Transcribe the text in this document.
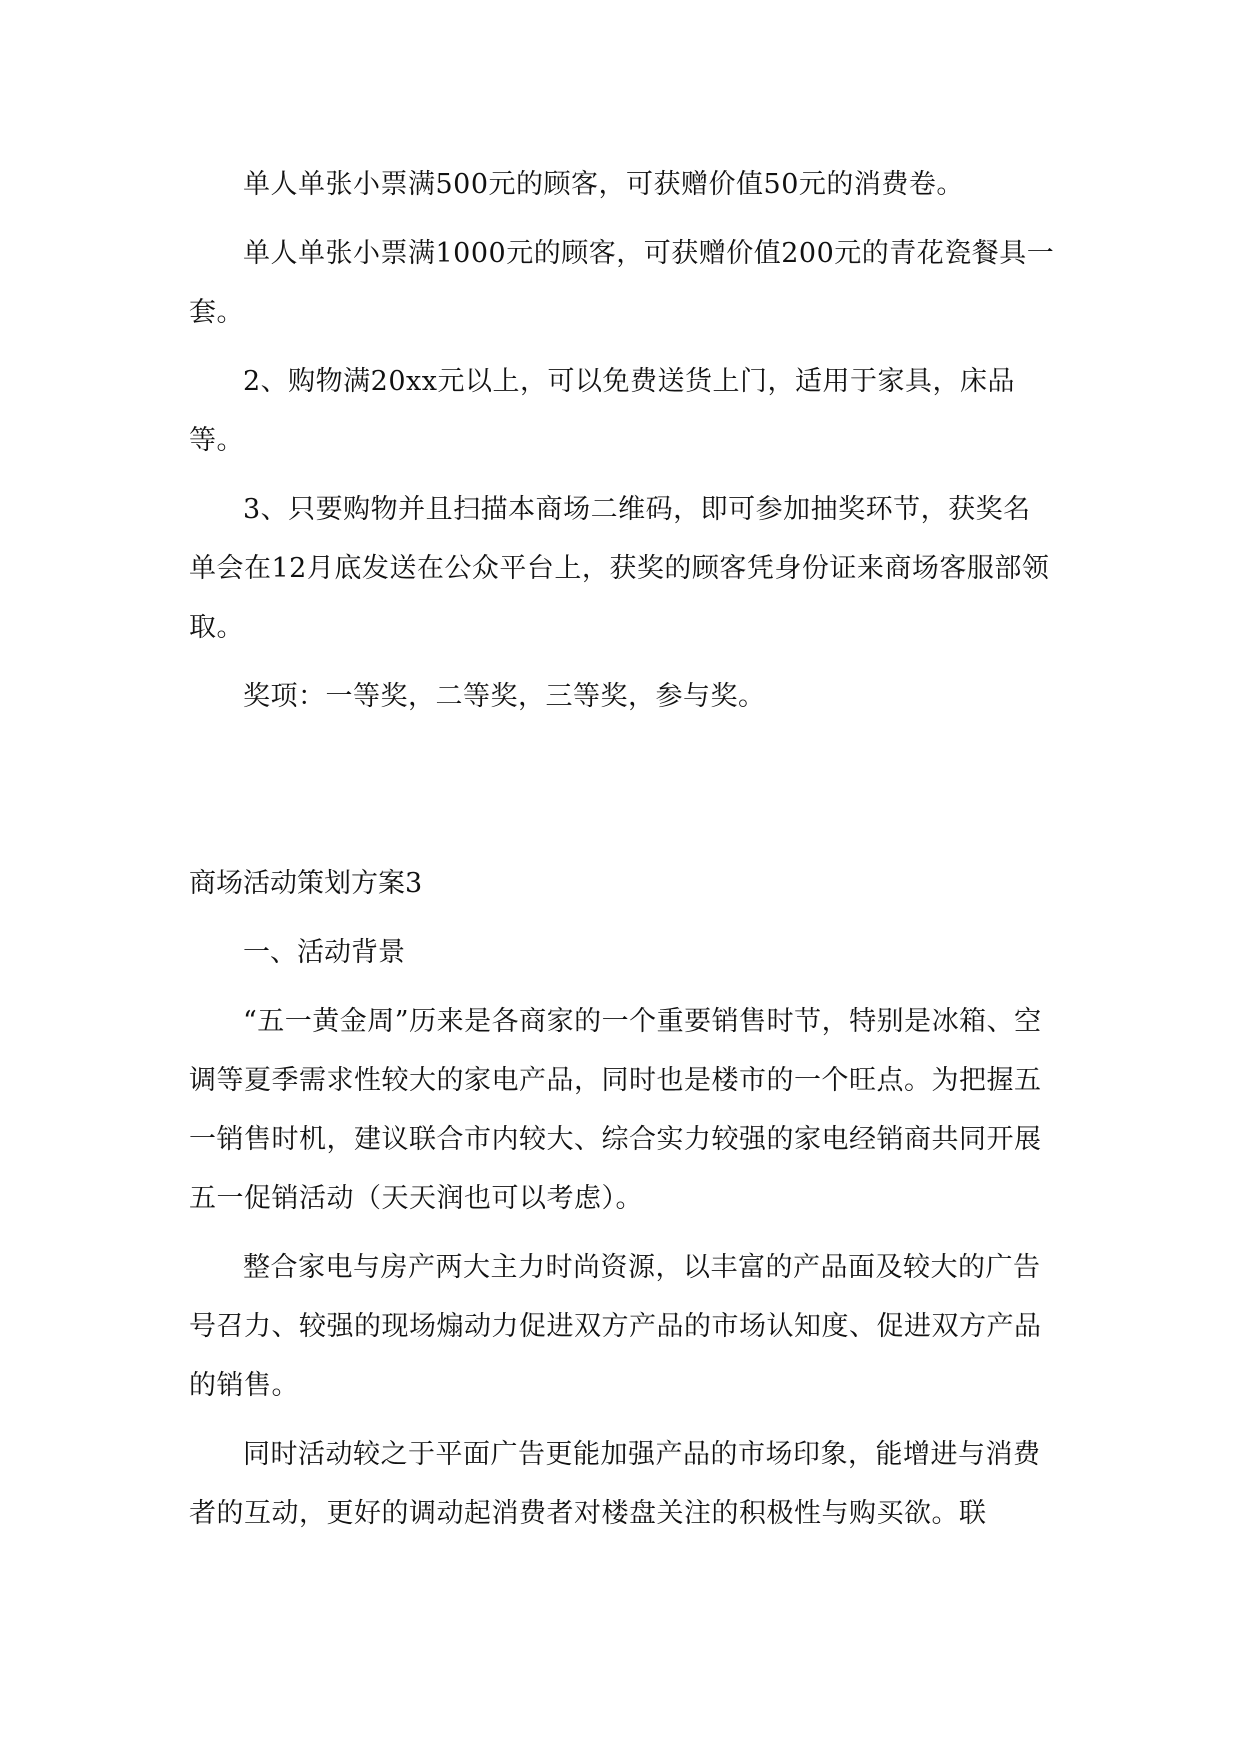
单人单张小票满500元的顾客，可获赠价值50元的消费卷。

单人单张小票满1000元的顾客，可获赠价值200元的青花瓷餐具一套。

2、购物满20xx元以上，可以免费送货上门，适用于家具，床品等。

3、只要购物并且扫描本商场二维码，即可参加抽奖环节，获奖名单会在12月底发送在公众平台上，获奖的顾客凭身份证来商场客服部领取。

奖项：一等奖，二等奖，三等奖，参与奖。

商场活动策划方案3

一、活动背景

“五一黄金周”历来是各商家的一个重要销售时节，特别是冰箱、空调等夏季需求性较大的家电产品，同时也是楼市的一个旺点。为把握五一销售时机，建议联合市内较大、综合实力较强的家电经销商共同开展五一促销活动（天天润也可以考虑）。

整合家电与房产两大主力时尚资源，以丰富的产品面及较大的广告号召力、较强的现场煽动力促进双方产品的市场认知度、促进双方产品的销售。

同时活动较之于平面广告更能加强产品的市场印象，能增进与消费者的互动，更好的调动起消费者对楼盘关注的积极性与购买欲。联
